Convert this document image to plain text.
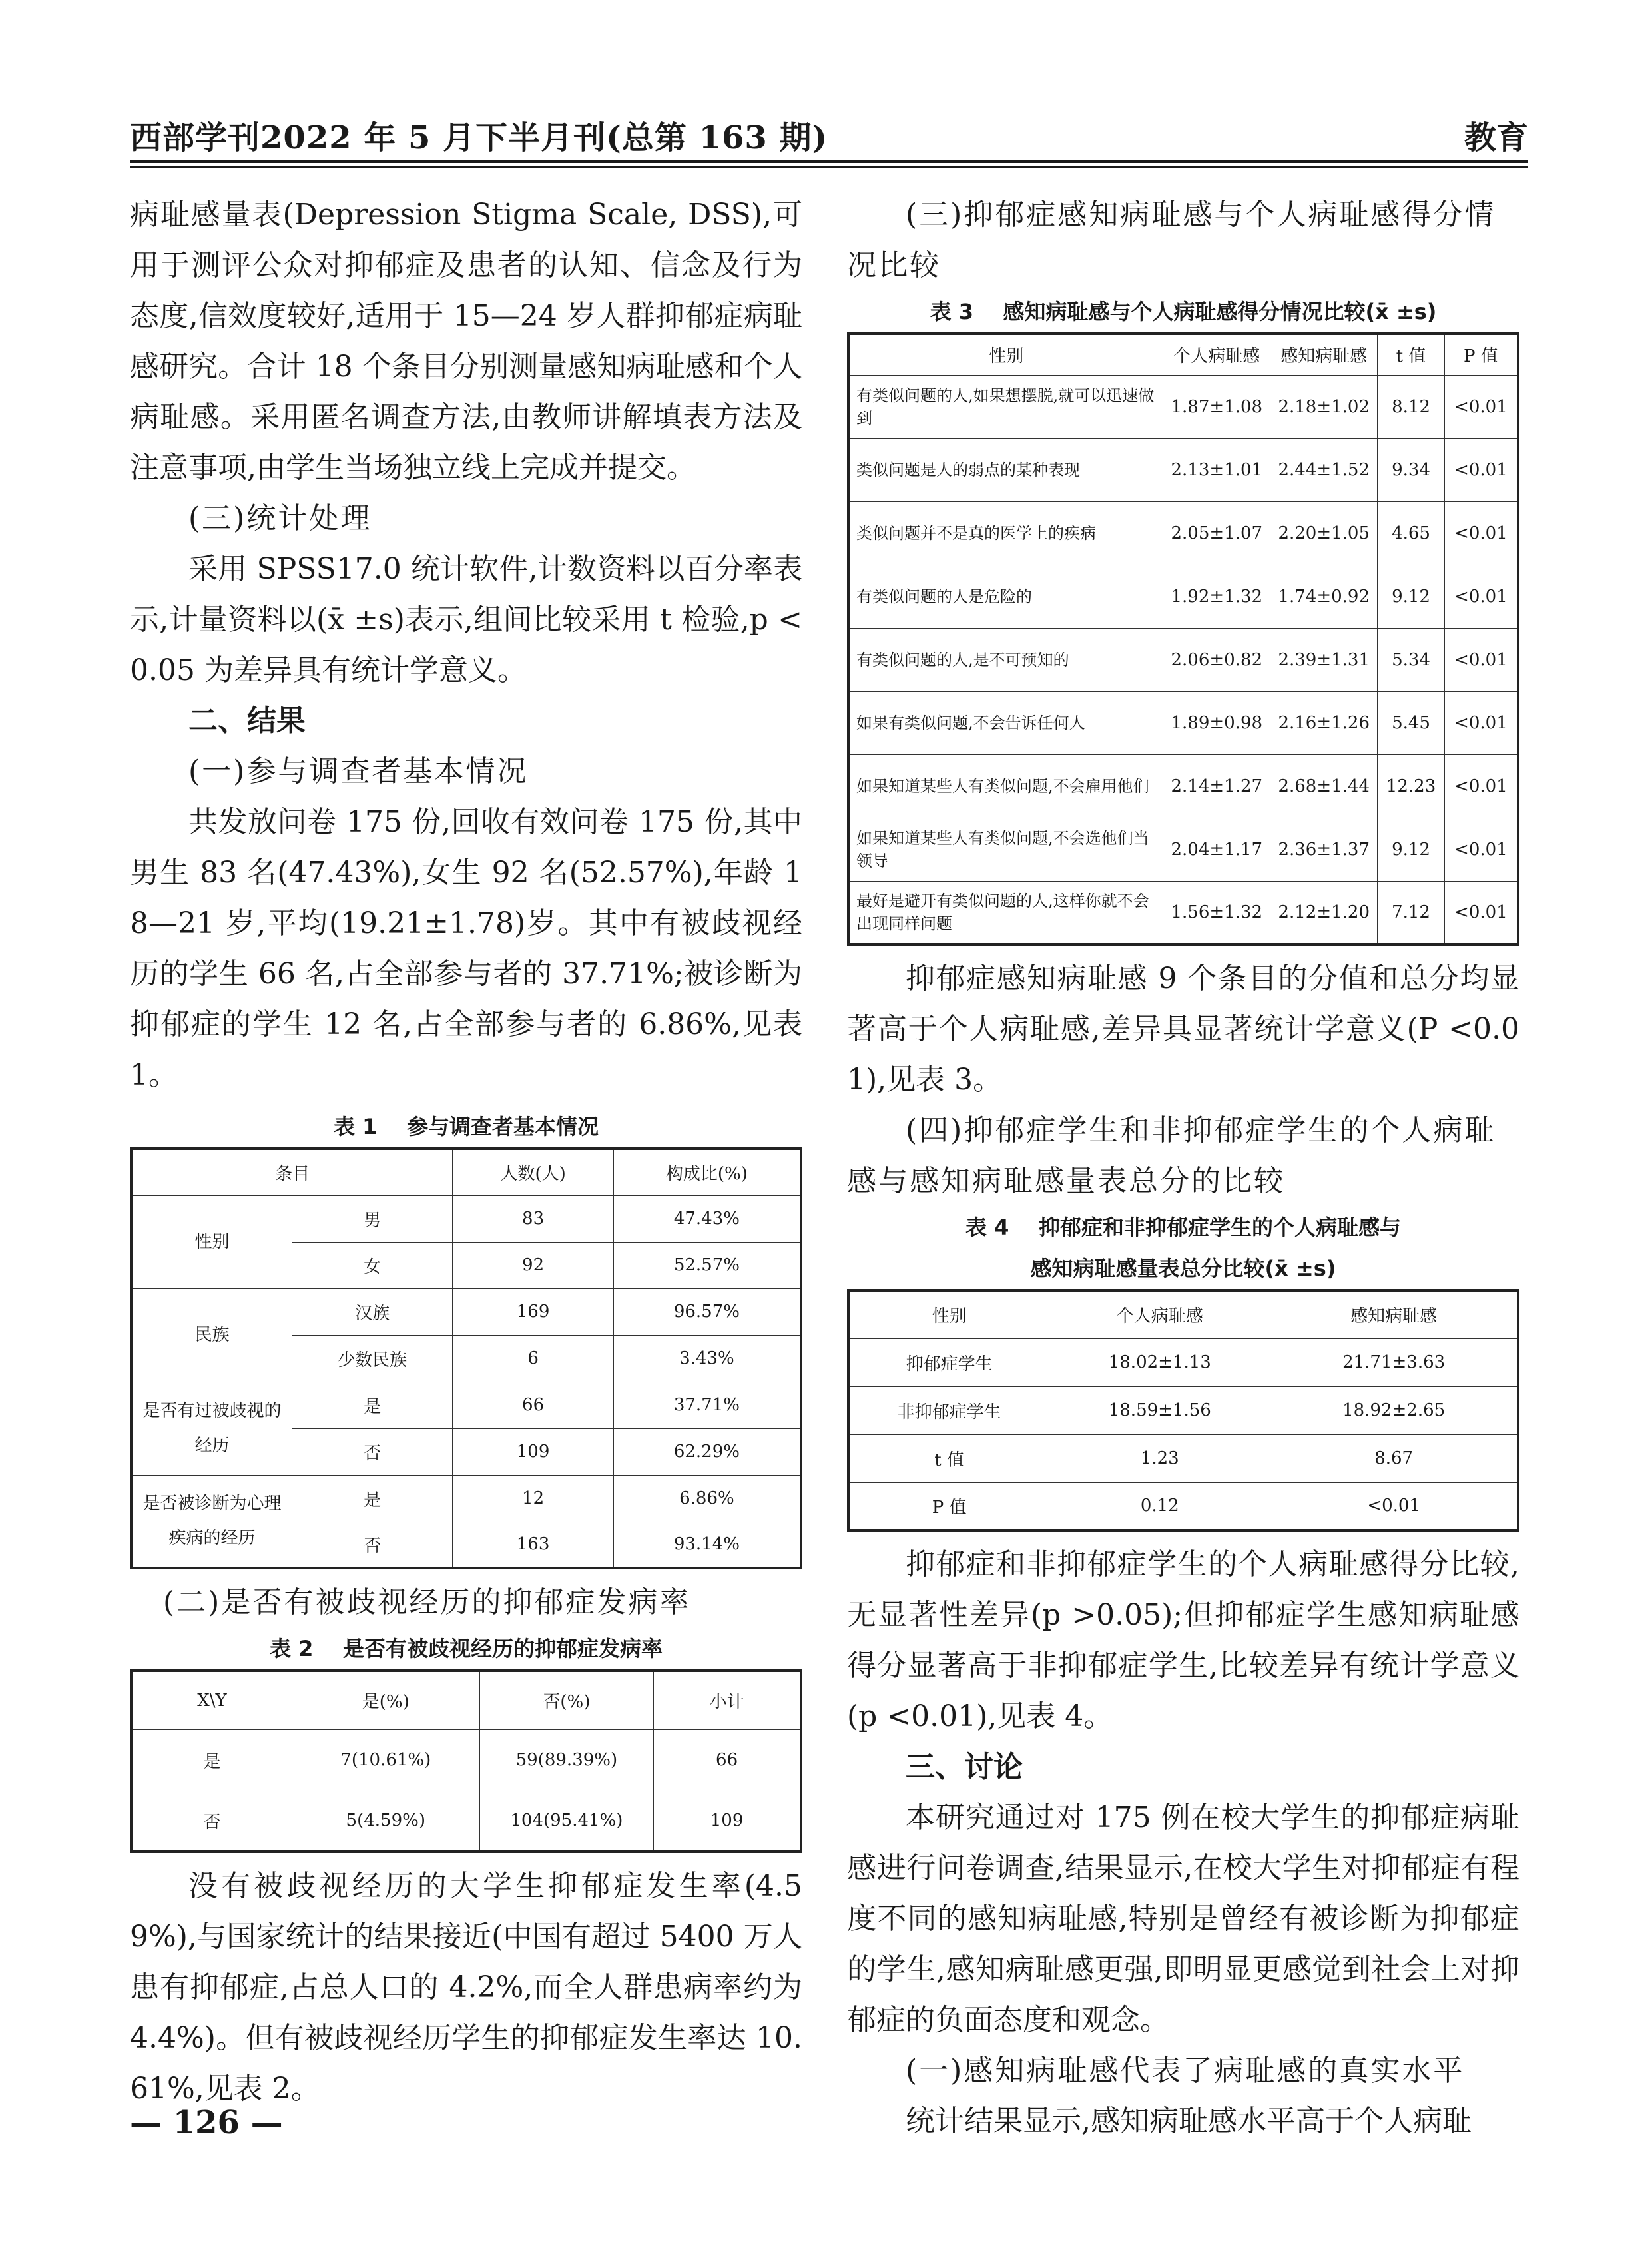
西部学刊2022 年 5 月下半月刊(总第 163 期)	教育

病耻感量表(Depression Stigma Scale, DSS),可用于测评公众对抑郁症及患者的认知、信念及行为态度,信效度较好,适用于 15—24 岁人群抑郁症病耻感研究。合计 18 个条目分别测量感知病耻感和个人病耻感。采用匿名调查方法,由教师讲解填表方法及注意事项,由学生当场独立线上完成并提交。

(三)统计处理

采用 SPSS17.0 统计软件,计数资料以百分率表示,计量资料以(x̄ ±s)表示,组间比较采用 t 检验,p <0.05 为差异具有统计学意义。

二、结果
(一)参与调查者基本情况

共发放问卷 175 份,回收有效问卷 175 份,其中男生 83 名(47.43%),女生 92 名(52.57%),年龄 18—21 岁,平均(19.21±1.78)岁。其中有被歧视经历的学生 66 名,占全部参与者的 37.71%;被诊断为抑郁症的学生 12 名,占全部参与者的 6.86%,见表 1。

表 1    参与调查者基本情况
条目		人数(人)	构成比(%)
性别	男	83	47.43%
	女	92	52.57%
民族	汉族	169	96.57%
	少数民族	6	3.43%
是否有过被歧视的经历	是	66	37.71%
	否	109	62.29%
是否被诊断为心理疾病的经历	是	12	6.86%
	否	163	93.14%
(二)是否有被歧视经历的抑郁症发病率
表 2    是否有被歧视经历的抑郁症发病率
X\Y	是(%)	否(%)	小计
是	7(10.61%)	59(89.39%)	66
否	5(4.59%)	104(95.41%)	109

没有被歧视经历的大学生抑郁症发生率(4.59%),与国家统计的结果接近(中国有超过 5400 万人患有抑郁症,占总人口的 4.2%,而全人群患病率约为 4.4%)。但有被歧视经历学生的抑郁症发生率达 10.61%,见表 2。

(三)抑郁症感知病耻感与个人病耻感得分情况比较
表 3    感知病耻感与个人病耻感得分情况比较(x̄ ±s)
性别	个人病耻感	感知病耻感	t 值	P 值
有类似问题的人,如果想摆脱,就可以迅速做到	1.87±1.08	2.18±1.02	8.12	<0.01
类似问题是人的弱点的某种表现	2.13±1.01	2.44±1.52	9.34	<0.01
类似问题并不是真的医学上的疾病	2.05±1.07	2.20±1.05	4.65	<0.01
有类似问题的人是危险的	1.92±1.32	1.74±0.92	9.12	<0.01
有类似问题的人,是不可预知的	2.06±0.82	2.39±1.31	5.34	<0.01
如果有类似问题,不会告诉任何人	1.89±0.98	2.16±1.26	5.45	<0.01
如果知道某些人有类似问题,不会雇用他们	2.14±1.27	2.68±1.44	12.23	<0.01
如果知道某些人有类似问题,不会选他们当领导	2.04±1.17	2.36±1.37	9.12	<0.01
最好是避开有类似问题的人,这样你就不会出现同样问题	1.56±1.32	2.12±1.20	7.12	<0.01

抑郁症感知病耻感 9 个条目的分值和总分均显著高于个人病耻感,差异具显著统计学意义(P <0.01),见表 3。

(四)抑郁症学生和非抑郁症学生的个人病耻感与感知病耻感量表总分的比较
表 4    抑郁症和非抑郁症学生的个人病耻感与
感知病耻感量表总分比较(x̄ ±s)
性别	个人病耻感	感知病耻感
抑郁症学生	18.02±1.13	21.71±3.63
非抑郁症学生	18.59±1.56	18.92±2.65
t 值	1.23	8.67
P 值	0.12	<0.01

抑郁症和非抑郁症学生的个人病耻感得分比较,无显著性差异(p >0.05);但抑郁症学生感知病耻感得分显著高于非抑郁症学生,比较差异有统计学意义(p <0.01),见表 4。

三、讨论

本研究通过对 175 例在校大学生的抑郁症病耻感进行问卷调查,结果显示,在校大学生对抑郁症有程度不同的感知病耻感,特别是曾经有被诊断为抑郁症的学生,感知病耻感更强,即明显更感觉到社会上对抑郁症的负面态度和观念。

(一)感知病耻感代表了病耻感的真实水平

统计结果显示,感知病耻感水平高于个人病耻

— 126 —
